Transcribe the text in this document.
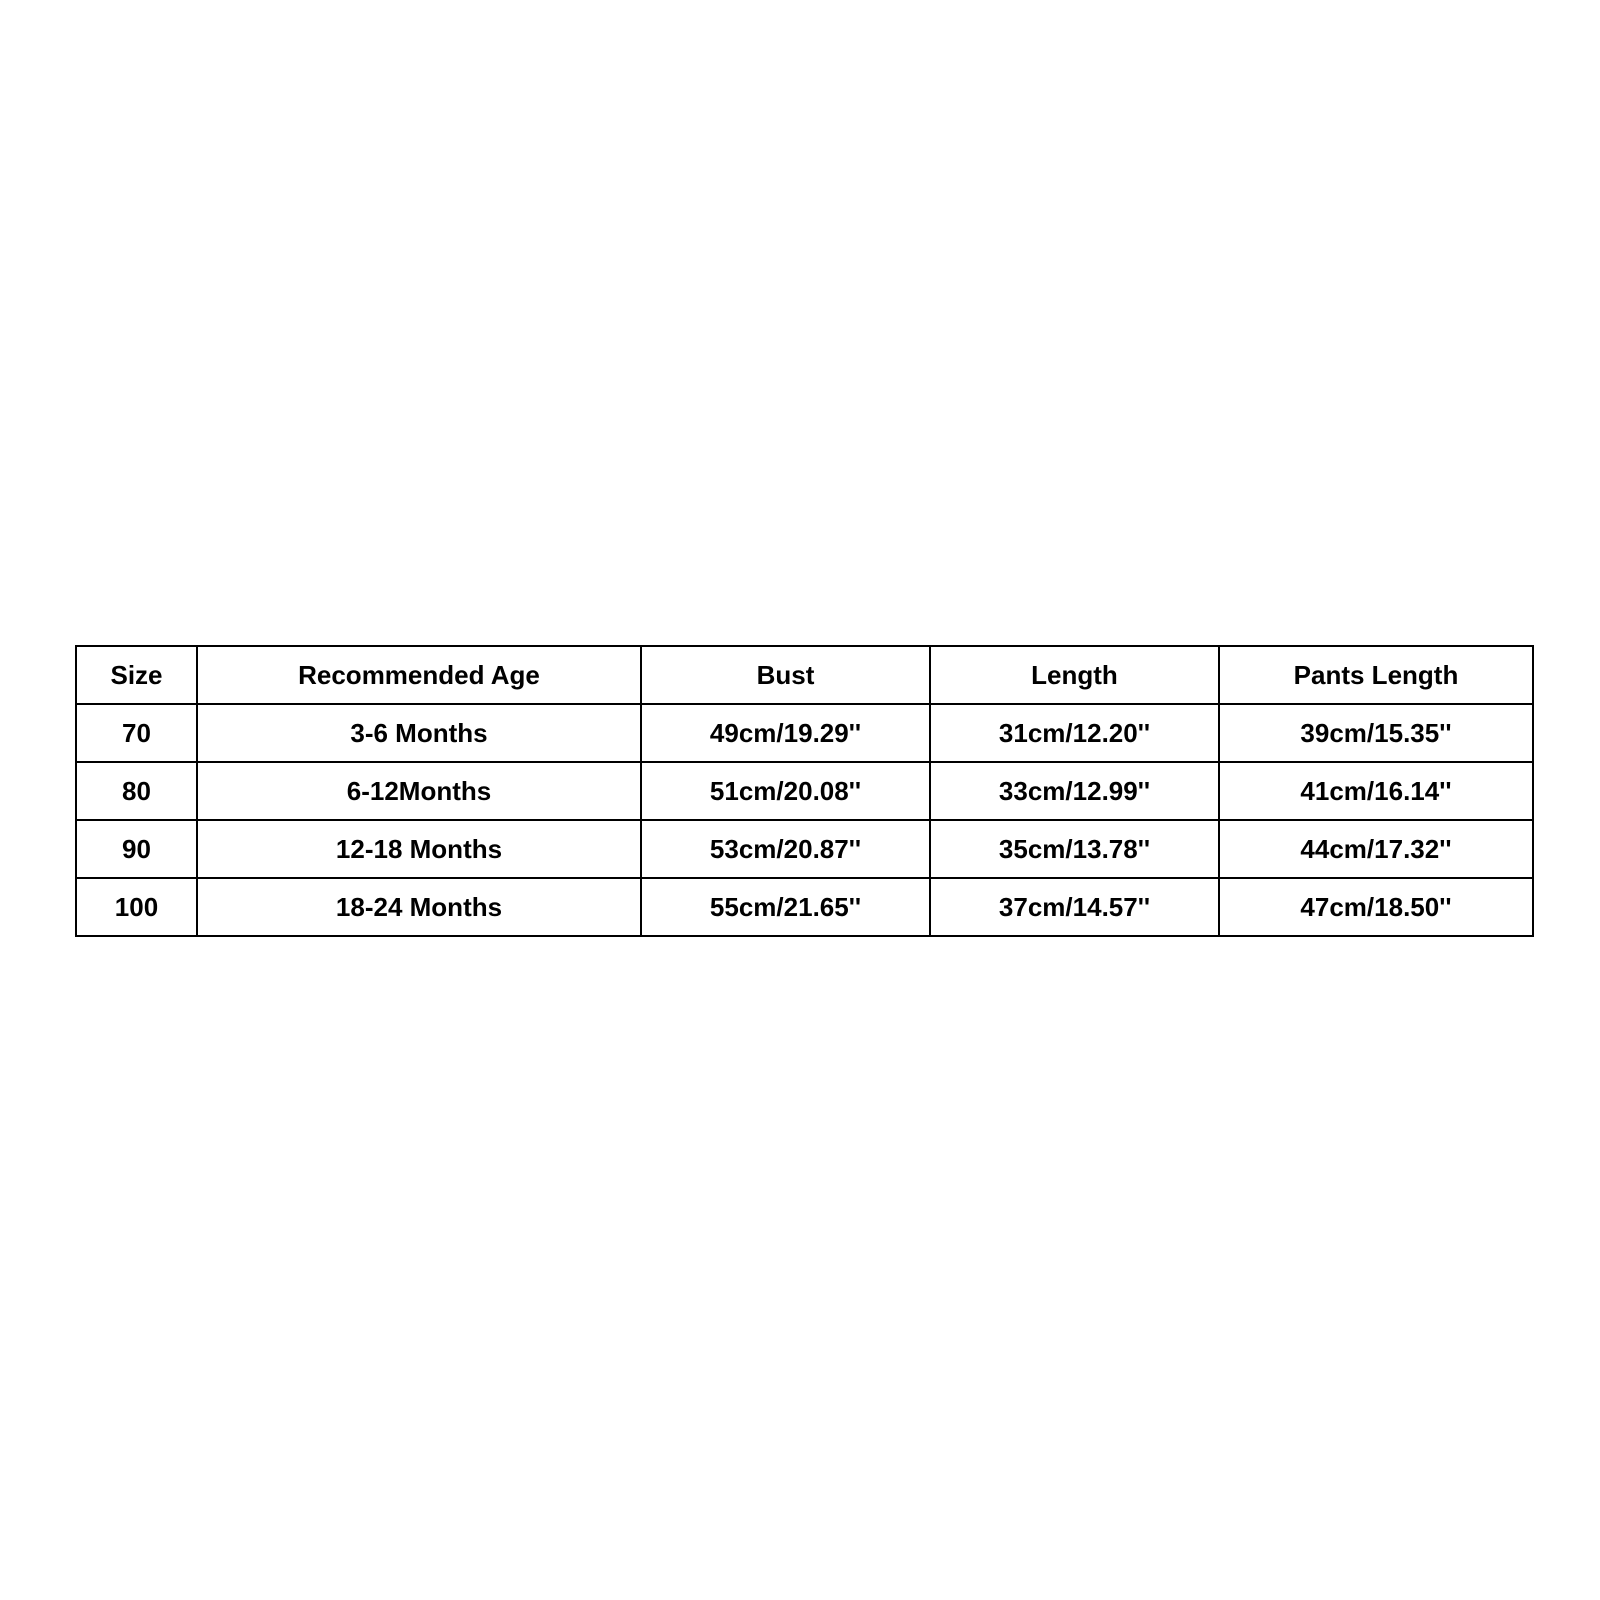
Size	Recommended Age	Bust	Length	Pants Length
70	3-6 Months	49cm/19.29''	31cm/12.20''	39cm/15.35''
80	6-12Months	51cm/20.08''	33cm/12.99''	41cm/16.14''
90	12-18 Months	53cm/20.87''	35cm/13.78''	44cm/17.32''
100	18-24 Months	55cm/21.65''	37cm/14.57''	47cm/18.50''
